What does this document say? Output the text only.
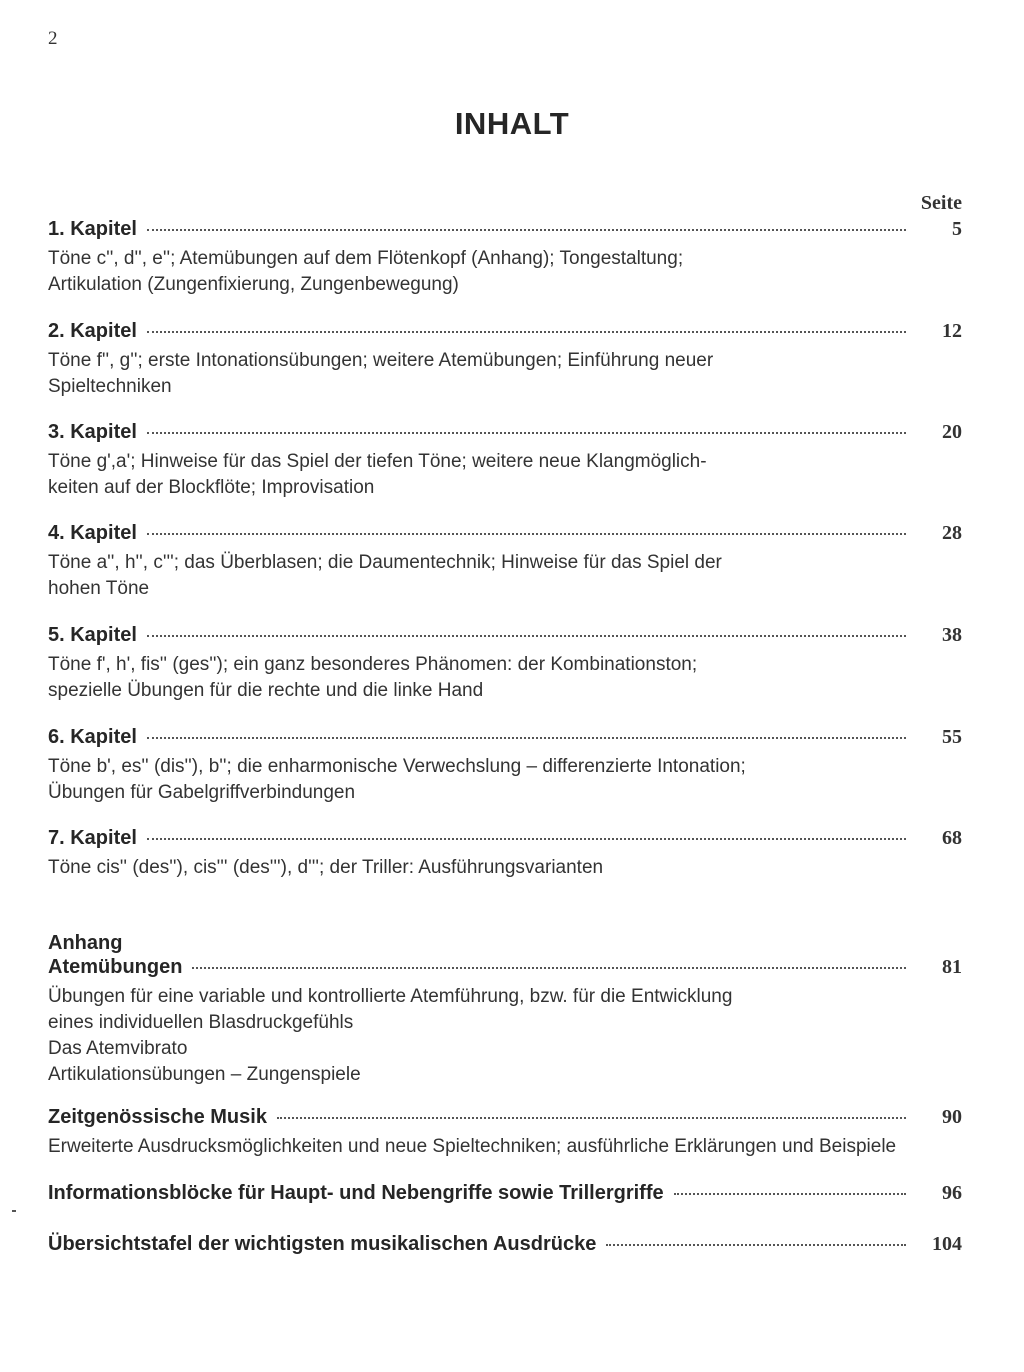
2
INHALT
Seite
1. Kapitel	5
Töne c'', d'', e''; Atemübungen auf dem Flötenkopf (Anhang); Tongestaltung;
Artikulation (Zungenfixierung, Zungenbewegung)
2. Kapitel	12
Töne f'', g''; erste Intonationsübungen; weitere Atemübungen; Einführung neuer
Spieltechniken
3. Kapitel	20
Töne g',a'; Hinweise für das Spiel der tiefen Töne; weitere neue Klangmöglich-
keiten auf der Blockflöte; Improvisation
4. Kapitel	28
Töne a'', h'', c'''; das Überblasen; die Daumentechnik; Hinweise für das Spiel der
hohen Töne
5. Kapitel	38
Töne f', h', fis'' (ges''); ein ganz besonderes Phänomen: der Kombinationston;
spezielle Übungen für die rechte und die linke Hand
6. Kapitel	55
Töne b', es'' (dis''), b''; die enharmonische Verwechslung – differenzierte Intonation;
Übungen für Gabelgriffverbindungen
7. Kapitel	68
Töne cis'' (des''), cis''' (des'''), d'''; der Triller: Ausführungsvarianten
Anhang
Atemübungen	81
Übungen für eine variable und kontrollierte Atemführung, bzw. für die Entwicklung
eines individuellen Blasdruckgefühls
Das Atemvibrato
Artikulationsübungen – Zungenspiele
Zeitgenössische Musik	90
Erweiterte Ausdrucksmöglichkeiten und neue Spieltechniken; ausführliche Erklärungen und Beispiele
Informationsblöcke für Haupt- und Nebengriffe sowie Trillergriffe	96
Übersichtstafel der wichtigsten musikalischen Ausdrücke	104
